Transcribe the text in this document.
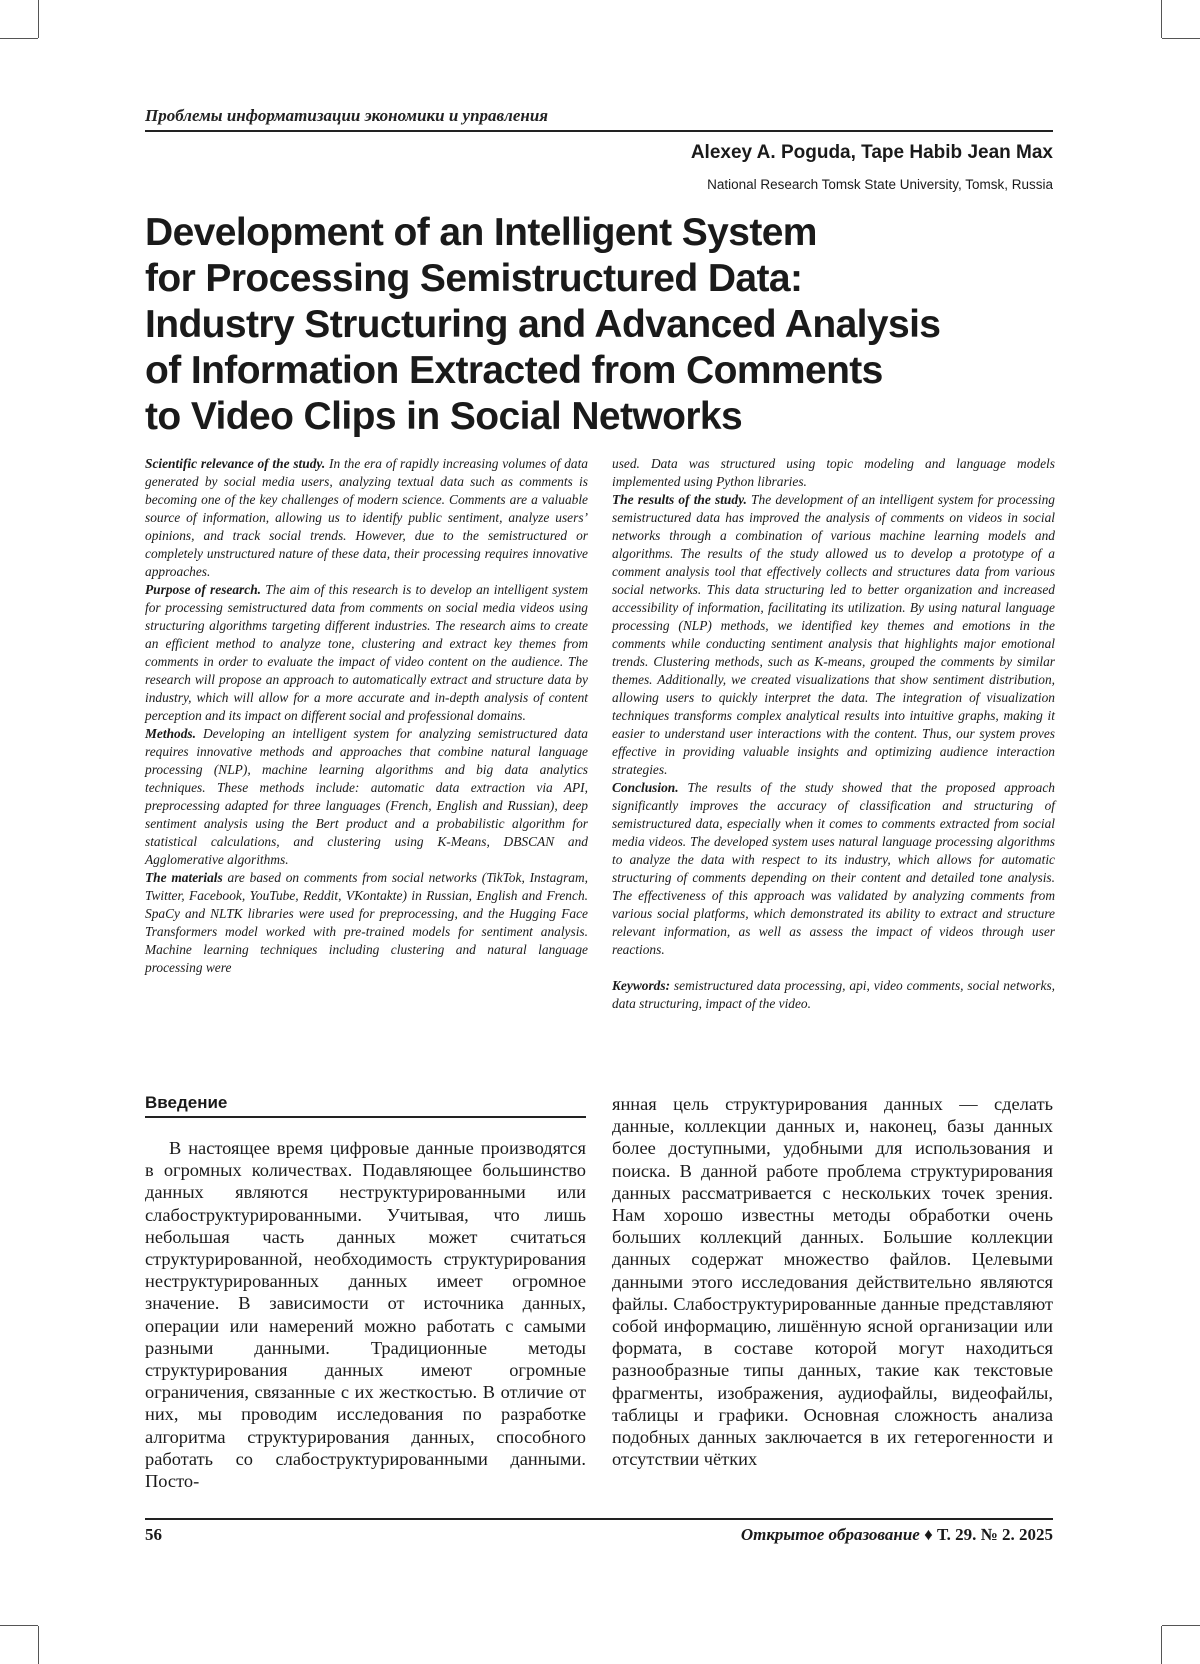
Проблемы информатизации экономики и управления
Alexey A. Poguda, Tape Habib Jean Max
National Research Tomsk State University, Tomsk, Russia
Development of an Intelligent System
for Processing Semistructured Data:
Industry Structuring and Advanced Analysis
of Information Extracted from Comments
to Video Clips in Social Networks

Scientific relevance of the study. In the era of rapidly increasing volumes of data generated by social media users, analyzing textual data such as comments is becoming one of the key challenges of modern science. Comments are a valuable source of information, allowing us to identify public sentiment, analyze users’ opinions, and track social trends. However, due to the semistructured or completely unstructured nature of these data, their processing requires innovative approaches.

Purpose of research. The aim of this research is to develop an intelligent system for processing semistructured data from comments on social media videos using structuring algorithms targeting different industries. The research aims to create an efficient method to analyze tone, clustering and extract key themes from comments in order to evaluate the impact of video content on the audience. The research will propose an approach to automatically extract and structure data by industry, which will allow for a more accurate and in-depth analysis of content perception and its impact on different social and professional domains.

Methods. Developing an intelligent system for analyzing semistructured data requires innovative methods and approaches that combine natural language processing (NLP), machine learning algorithms and big data analytics techniques. These methods include: automatic data extraction via API, preprocessing adapted for three languages (French, English and Russian), deep sentiment analysis using the Bert product and a probabilistic algorithm for statistical calculations, and clustering using K-Means, DBSCAN and Agglomerative algorithms.

The materials are based on comments from social networks (TikTok, Instagram, Twitter, Facebook, YouTube, Reddit, VKontakte) in Russian, English and French. SpaCy and NLTK libraries were used for preprocessing, and the Hugging Face Transformers model worked with pre-trained models for sentiment analysis. Machine learning techniques including clustering and natural language processing were

used. Data was structured using topic modeling and language models implemented using Python libraries.

The results of the study. The development of an intelligent system for processing semistructured data has improved the analysis of comments on videos in social networks through a combination of various machine learning models and algorithms. The results of the study allowed us to develop a prototype of a comment analysis tool that effectively collects and structures data from various social networks. This data structuring led to better organization and increased accessibility of information, facilitating its utilization. By using natural language processing (NLP) methods, we identified key themes and emotions in the comments while conducting sentiment analysis that highlights major emotional trends. Clustering methods, such as K-means, grouped the comments by similar themes. Additionally, we created visualizations that show sentiment distribution, allowing users to quickly interpret the data. The integration of visualization techniques transforms complex analytical results into intuitive graphs, making it easier to understand user interactions with the content. Thus, our system proves effective in providing valuable insights and optimizing audience interaction strategies.

Conclusion. The results of the study showed that the proposed approach significantly improves the accuracy of classification and structuring of semistructured data, especially when it comes to comments extracted from social media videos. The developed system uses natural language processing algorithms to analyze the data with respect to its industry, which allows for automatic structuring of comments depending on their content and detailed tone analysis. The effectiveness of this approach was validated by analyzing comments from various social platforms, which demonstrated its ability to extract and structure relevant information, as well as assess the impact of videos through user reactions.

Keywords: semistructured data processing, api, video comments, social networks, data structuring, impact of the video.

Введение

В настоящее время цифровые данные производятся в огромных количествах. Подавляющее большинство данных являются неструктурированными или слабоструктурированными. Учитывая, что лишь небольшая часть данных может считаться структурированной, необходимость структурирования неструктурированных данных имеет огромное значение. В зависимости от источника данных, операции или намерений можно работать с самыми разными данными. Традиционные методы структурирования данных имеют огромные ограничения, связанные с их жесткостью. В отличие от них, мы проводим исследования по разработке алгоритма структурирования данных, способного работать со слабоструктурированными данными. Посто-

янная цель структурирования данных — сделать данные, коллекции данных и, наконец, базы данных более доступными, удобными для использования и поиска. В данной работе проблема структурирования данных рассматривается с нескольких точек зрения. Нам хорошо известны методы обработки очень больших коллекций данных. Большие коллекции данных содержат множество файлов. Целевыми данными этого исследования действительно являются файлы. Слабоструктурированные данные представляют собой информацию, лишённую ясной организации или формата, в составе которой могут находиться разнообразные типы данных, такие как текстовые фрагменты, изображения, аудиофайлы, видеофайлы, таблицы и графики. Основная сложность анализа подобных данных заключается в их гетерогенности и отсутствии чётких

56	Открытое образование ♦ Т. 29. № 2. 2025
